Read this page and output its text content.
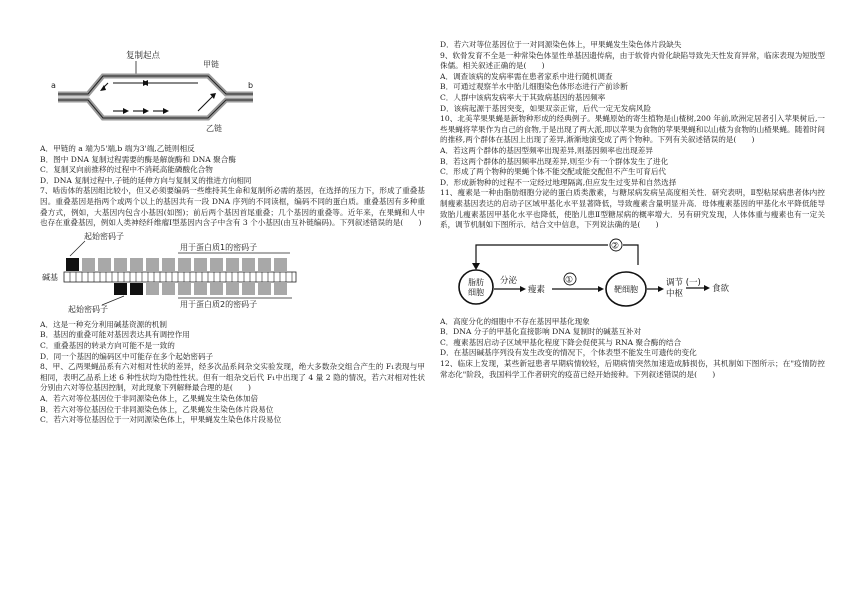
复制起点
甲链
乙链
a	b

A．甲链的 a 端为5'端,b 端为3'端,乙链则相反

B．图中 DNA 复制过程需要的酶是解旋酶和 DNA 聚合酶

C．复制叉向前推移的过程中不消耗高能磷酸化合物

D．DNA 复制过程中,子链的延伸方向与复制叉的推进方向相同

7、啮齿体的基因组比较小，但又必须要编码一些维持其生命和复制所必需的基因，在选择的压力下，形成了重叠基因。重叠基因是指两个或两个以上的基因共有一段 DNA 序列的不同读框，编码不同的蛋白质。重叠基因有多种重叠方式，例如，大基因内包含小基因(如图)；前后两个基因首尾重叠；几个基因的重叠等。近年来，在果蝇和人中也存在重叠基因，例如人类神经纤维瘤Ⅰ型基因内含子中含有 3 个小基因(由互补链编码)。下列叙述错误的是(　　)

起始密码子
用于蛋白质1的密码子
碱基
用于蛋白质2的密码子
起始密码子

A．这是一种充分利用碱基资源的机制

B．基因的重叠可能对基因表达具有调控作用

C．重叠基因的转录方向可能不是一致的

D．同一个基因的编码区中可能存在多个起始密码子

8、甲、乙两果蝇品系有六对相对性状的差异，经多次品系间杂交实验发现，绝大多数杂交组合产生的 F₁表现与甲相同，表明乙品系上述 6 种性状均为隐性性状。但有一组杂交后代 F₁中出现了 4 量 2 隐的情况，若六对相对性状分别由六对等位基因控制，对此现象下列解释最合理的是(　　)

A．若六对等位基因位于非同源染色体上，乙果蝇发生染色体加倍

B．若六对等位基因位于非同源染色体上，乙果蝇发生染色体片段易位

C．若六对等位基因位于一对同源染色体上，甲果蝇发生染色体片段易位

D．若六对等位基因位于一对同源染色体上，甲果蝇发生染色体片段缺失

9、软骨发育不全是一种常染色体显性单基因遗传病，由于软骨内骨化缺陷导致先天性发育异常，临床表现为短肢型侏儒。相关叙述正确的是(　　)

A．调查该病的发病率需在患者家系中进行随机调查

B．可通过观察羊水中胎儿细胞染色体形态进行产前诊断

C．人群中该病发病率大于其致病基因的基因频率

D．该病起源于基因突变，如果双亲正常，后代一定无发病风险

10、北美苹果果蝇是新物种形成的经典例子。果蝇原始的寄生植物是山楂树,200 年前,欧洲定居者引入苹果树后,一些果蝇将苹果作为自己的食物,于是出现了两大派,即以苹果为食物的苹果果蝇和以山楂为食物的山楂果蝇。随着时间的推移,两个群体在基因上出现了差异,渐渐地演变成了两个物种。下列有关叙述错误的是(　　)

A．若这两个群体的基因型频率出现差异,则基因频率也出现差异

B．若这两个群体的基因频率出现差异,则至少有一个群体发生了进化

C．形成了两个物种的果蝇个体不能交配或能交配但不产生可育后代

D．形成新物种的过程不一定经过地理隔离,但应发生过变异和自然选择

11、瘦素是一种由脂肪细胞分泌的蛋白质类激素，与糖尿病发病呈高度相关性．研究表明，Ⅱ型粘尿病患者体内控制瘦素基因表达的启动子区域甲基化水平显著降低，导致瘦素含量明显升高．母体瘦素基因的甲基化水平降低能导致胎儿瘦素基因甲基化水平也降低，使胎儿患Ⅱ型糖尿病的概率增大．另有研究发现，人体体重与瘦素也有一定关系，调节机制如下图所示．结合文中信息，下列说法确的是(　　)

②
脂肪
细胞
脂肪细胞
分泌
瘦素
①
靶细胞
调节 (一)
中枢	食欲

A．高度分化的细胞中不存在基因甲基化现象

B．DNA 分子的甲基化直接影响 DNA 复制时的碱基互补对

C．瘦素基因启动子区域甲基化程度下降会促使其与 RNA 聚合酶的结合

D．在基因碱基序列没有发生改变的情况下，个体表型不能发生可遗传的变化

12、临床上发现，某些新冠患者早期病情较轻，后期病情突然加速造成肺损伤，其机制如下图所示；在"疫情防控常态化"阶段，我国科学工作者研究的疫苗已经开始接种。下列叙述错误的是(　　)
